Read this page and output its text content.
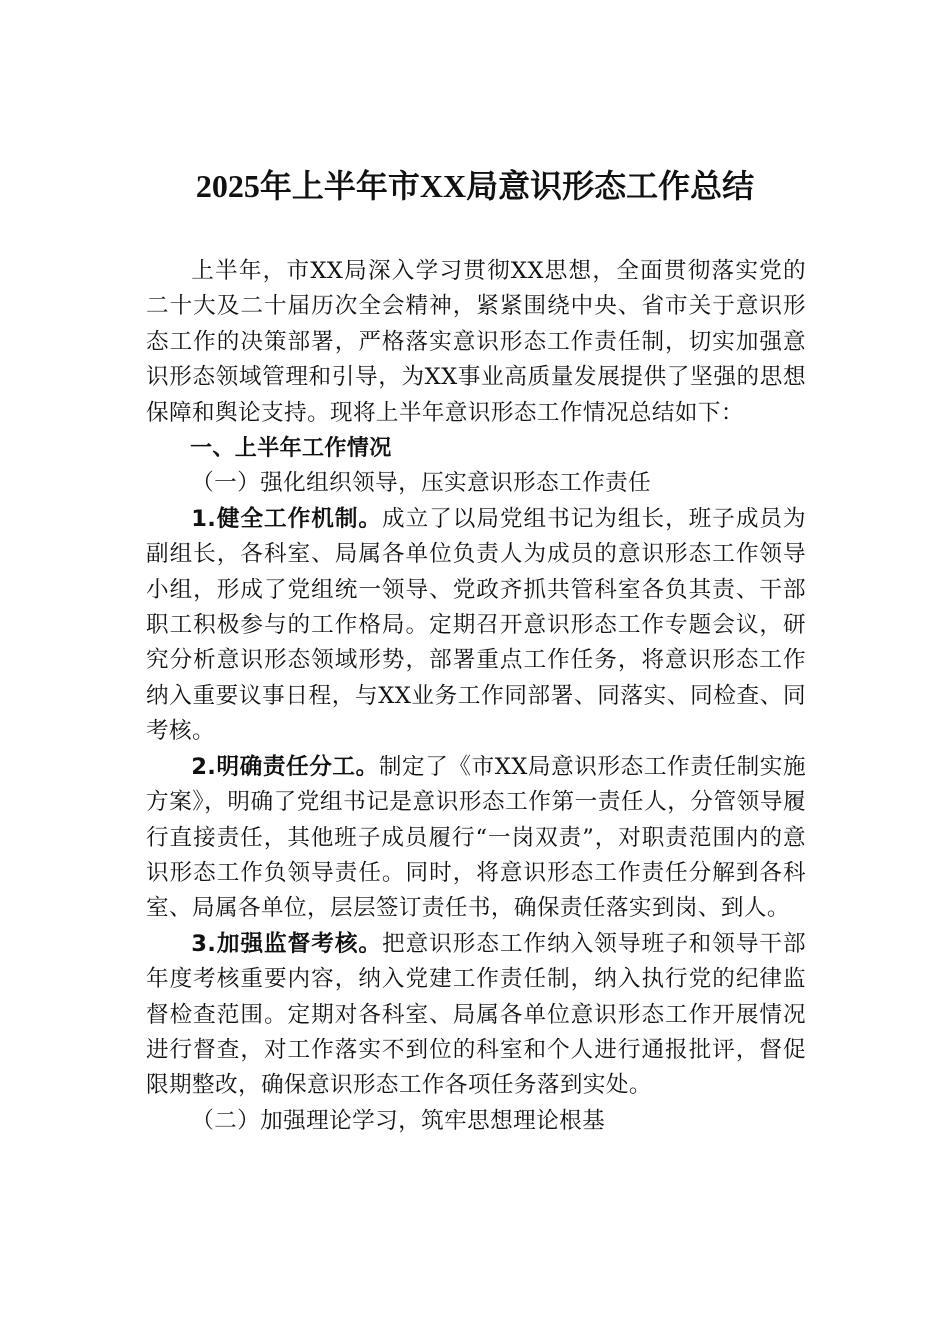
2025年上半年市XX局意识形态工作总结

上半年，市XX局深入学习贯彻XX思想，全面贯彻落实党的二十大及二十届历次全会精神，紧紧围绕中央、省市关于意识形态工作的决策部署，严格落实意识形态工作责任制，切实加强意识形态领域管理和引导，为XX事业高质量发展提供了坚强的思想保障和舆论支持。现将上半年意识形态工作情况总结如下：

一、上半年工作情况

（一）强化组织领导，压实意识形态工作责任

1.健全工作机制。成立了以局党组书记为组长，班子成员为副组长，各科室、局属各单位负责人为成员的意识形态工作领导小组，形成了党组统一领导、党政齐抓共管科室各负其责、干部职工积极参与的工作格局。定期召开意识形态工作专题会议，研究分析意识形态领域形势，部署重点工作任务，将意识形态工作纳入重要议事日程，与XX业务工作同部署、同落实、同检查、同考核。

2.明确责任分工。制定了《市XX局意识形态工作责任制实施方案》，明确了党组书记是意识形态工作第一责任人，分管领导履行直接责任，其他班子成员履行“一岗双责”，对职责范围内的意识形态工作负领导责任。同时，将意识形态工作责任分解到各科室、局属各单位，层层签订责任书，确保责任落实到岗、到人。

3.加强监督考核。把意识形态工作纳入领导班子和领导干部年度考核重要内容，纳入党建工作责任制，纳入执行党的纪律监督检查范围。定期对各科室、局属各单位意识形态工作开展情况进行督查，对工作落实不到位的科室和个人进行通报批评，督促限期整改，确保意识形态工作各项任务落到实处。

（二）加强理论学习，筑牢思想理论根基
